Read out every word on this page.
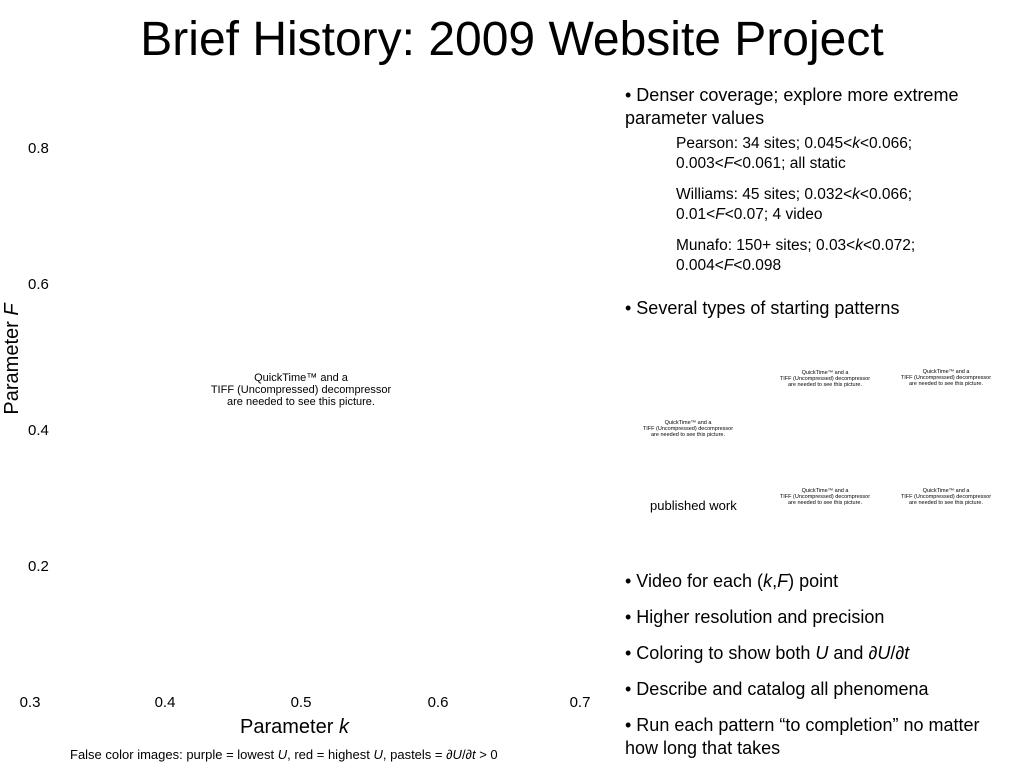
Brief History: 2009 Website Project
0.8
0.6
0.4
0.2
0.3	0.4	0.5	0.6	0.7
Parameter k
Parameter F
QuickTime™ and a
TIFF (Uncompressed) decompressor
are needed to see this picture.
False color images: purple = lowest U, red = highest U, pastels = ∂U/∂t > 0
• Denser coverage; explore more extreme parameter values
Pearson: 34 sites; 0.045<k<0.066;
0.003<F<0.061; all static
Williams: 45 sites; 0.032<k<0.066;
0.01<F<0.07; 4 video
Munafo: 150+ sites; 0.03<k<0.072;
0.004<F<0.098
• Several types of starting patterns
QuickTime™ and a
TIFF (Uncompressed) decompressor
are needed to see this picture.
QuickTime™ and a
TIFF (Uncompressed) decompressor
are needed to see this picture.
QuickTime™ and a
TIFF (Uncompressed) decompressor
are needed to see this picture.
QuickTime™ and a
TIFF (Uncompressed) decompressor
are needed to see this picture.
QuickTime™ and a
TIFF (Uncompressed) decompressor
are needed to see this picture.
published work
• Video for each (k,F) point
• Higher resolution and precision
• Coloring to show both U and ∂U/∂t
• Describe and catalog all phenomena
• Run each pattern “to completion” no matter how long that takes
